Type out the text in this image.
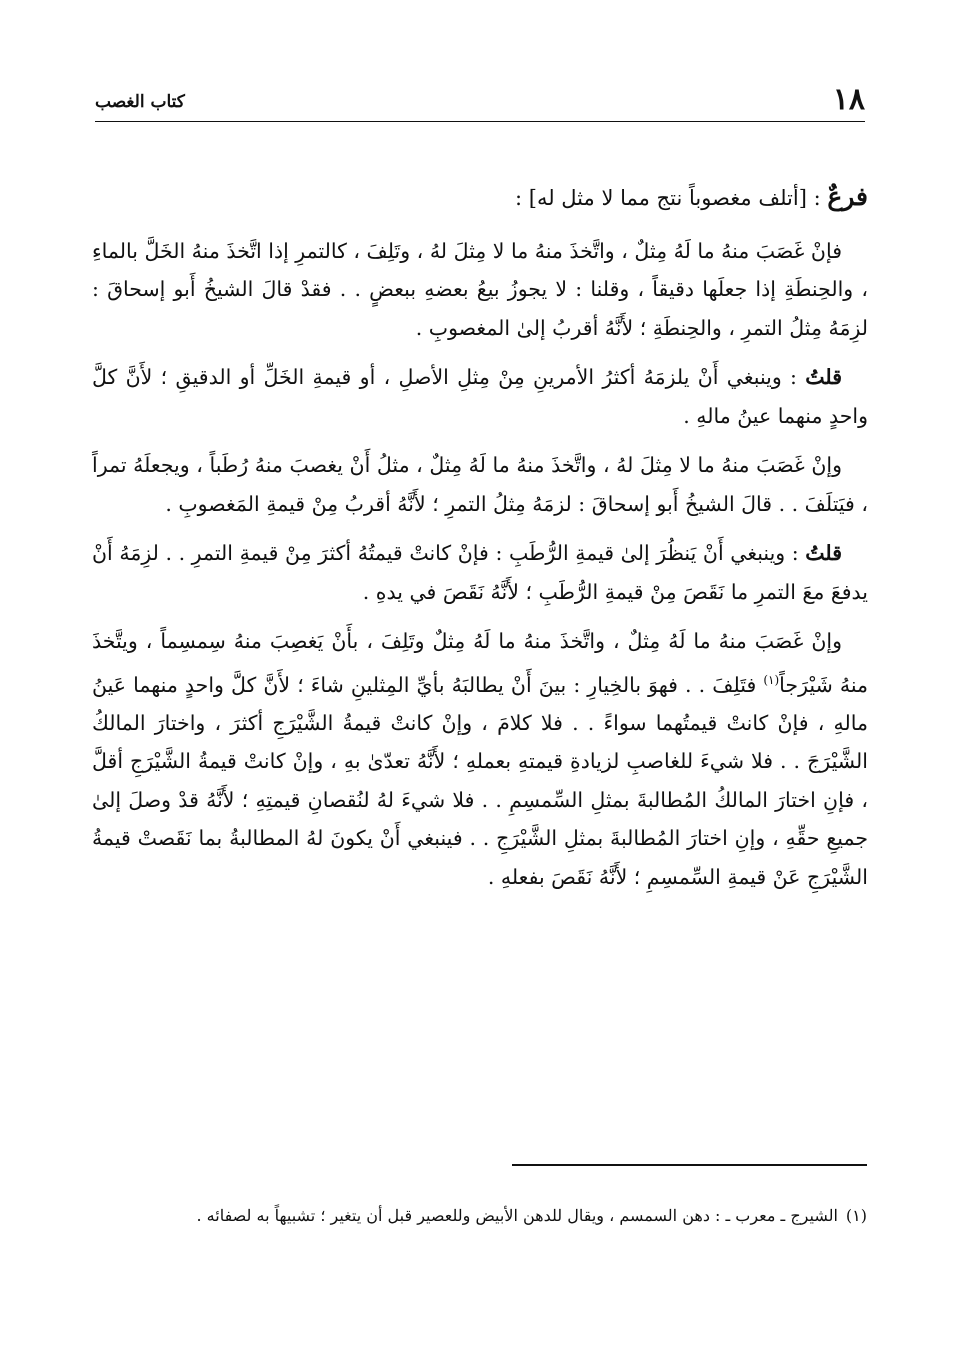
١٨
كتاب الغصب

فرعٌ : [أتلف مغصوباً نتج مما لا مثل له] :

فإنْ غَصَبَ منهُ ما لَهُ مِثلٌ ، واتَّخذَ منهُ ما لا مِثلَ لهُ ، وتَلِفَ ، كالتمرِ إذا اتَّخذَ منهُ الخَلَّ بالماءِ ، والحِنطَةِ إذا جعلَها دقيقاً ، وقلنا : لا يجوزُ بيعُ بعضهِ ببعضٍ . . فقدْ قالَ الشيخُ أَبو إسحاقَ : لزِمَهُ مِثلُ التمرِ ، والحِنطَةِ ؛ لأَنَّهُ أقربُ إلىٰ المغصوبِ .

قلتُ : وينبغي أَنْ يلزمَهُ أكثرُ الأمرينِ مِنْ مِثلِ الأصلِ ، أو قيمةِ الخَلِّ أو الدقيقِ ؛ لأَنَّ كلَّ واحدٍ منهما عينُ مالهِ .

وإنْ غَصَبَ منهُ ما لا مِثلَ لهُ ، واتَّخذَ منهُ ما لَهُ مِثلٌ ، مثلُ أَنْ يغصبَ منهُ رُطَباً ، ويجعلَهُ تمراً ، فيَتلَفَ . . قالَ الشيخُ أَبو إسحاقَ : لزمَهُ مِثلُ التمرِ ؛ لأَنَّهُ أقربُ مِنْ قيمةِ المَغصوبِ .

قلتُ : وينبغي أَنْ يَنظُرَ إلىٰ قيمةِ الرُّطَبِ : فإنْ كانتْ قيمتُهُ أكثرَ مِنْ قيمةِ التمرِ . . لزِمَهُ أَنْ يدفعَ معَ التمرِ ما نَقَصَ مِنْ قيمةِ الرُّطَبِ ؛ لأَنَّهُ نَقَصَ في يدهِ .

وإنْ غَصَبَ منهُ ما لَهُ مِثلٌ ، واتَّخذَ منهُ ما لَهُ مِثلٌ وتَلِفَ ، بأَنْ يَغصِبَ منهُ سِمسِماً ، ويتَّخذَ منهُ شَيْرَجاً$^{(١)}$ فتَلِفَ . . فهوَ بالخِيارِ : بينَ أَنْ يطالبَهُ بأيِّ المِثلينِ شاءَ ؛ لأَنَّ كلَّ واحدٍ منهما عَينُ مالهِ ، فإنْ كانتْ قيمتُهما سواءً . . فلا كلامَ ، وإنْ كانتْ قيمةُ الشَّيْرَجِ أكثرَ ، واختارَ المالكُ الشَّيْرَجَ . . فلا شيءَ للغاصبِ لزيادةِ قيمتهِ بعملهِ ؛ لأَنَّهُ تعدّىٰ بهِ ، وإنْ كانتْ قيمةُ الشَّيْرَجِ أقلَّ ، فإنِ اختارَ المالكُ المُطالبةَ بمثلِ السِّمسِمِ . . فلا شيءَ لهُ لنُقصانِ قيمتِهِ ؛ لأَنَّهُ قدْ وصلَ إلىٰ جميعِ حقِّهِ ، وإنِ اختارَ المُطالبةَ بمثلِ الشَّيْرَجِ . . فينبغي أَنْ يكونَ لهُ المطالبةُ بما نَقَصتْ قيمةُ الشَّيْرَجِ عَنْ قيمةِ السِّمسِمِ ؛ لأَنَّهُ نَقَصَ بفعلهِ .

(١)الشيرج ـ معرب ـ : دهن السمسم ، ويقال للدهن الأبيض وللعصير قبل أن يتغير ؛ تشبيهاً به لصفائه .
